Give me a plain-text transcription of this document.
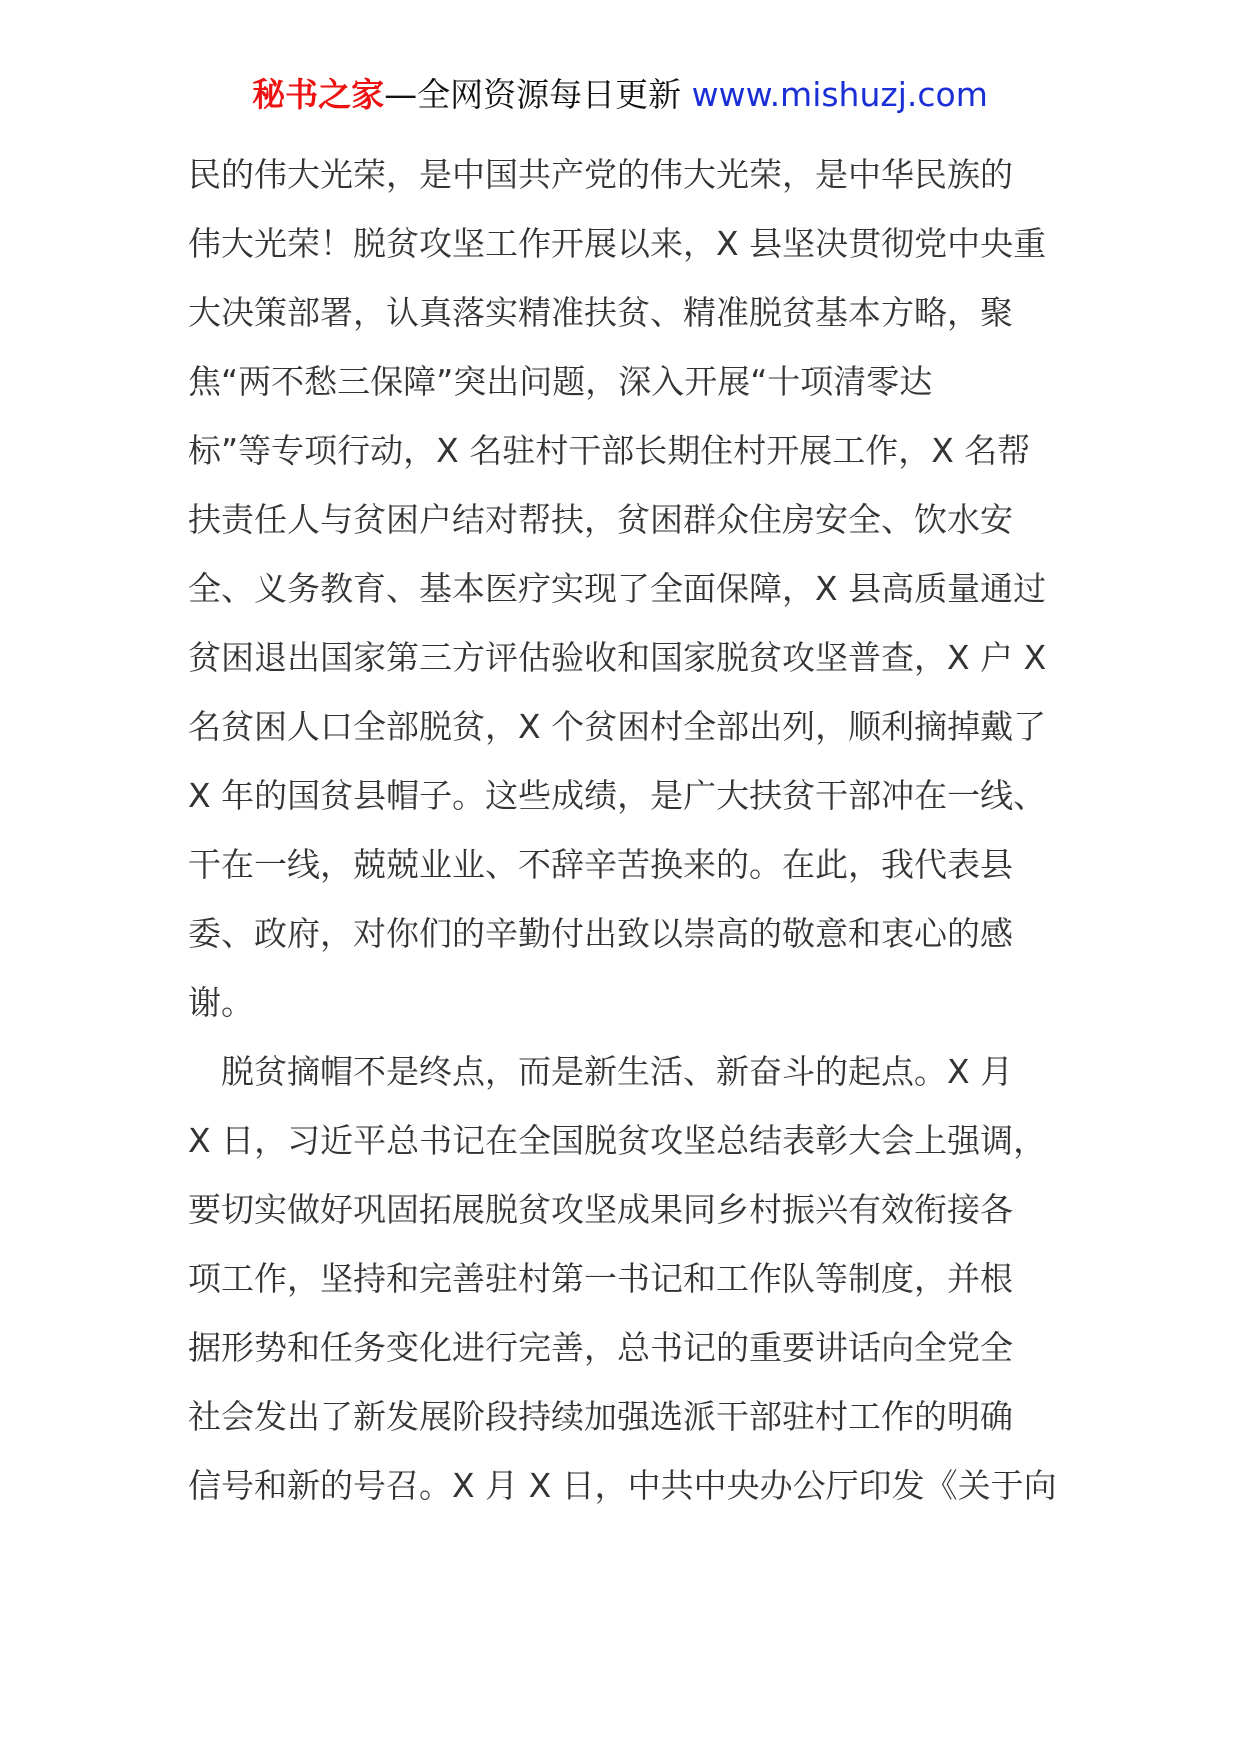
秘书之家—全网资源每日更新 www.mishuzj.com

民的伟大光荣，是中国共产党的伟大光荣，是中华民族的
伟大光荣！脱贫攻坚工作开展以来，X 县坚决贯彻党中央重
大决策部署，认真落实精准扶贫、精准脱贫基本方略，聚
焦“两不愁三保障”突出问题，深入开展“十项清零达
标”等专项行动，X 名驻村干部长期住村开展工作，X 名帮
扶责任人与贫困户结对帮扶，贫困群众住房安全、饮水安
全、义务教育、基本医疗实现了全面保障，X 县高质量通过
贫困退出国家第三方评估验收和国家脱贫攻坚普查，X 户 X
名贫困人口全部脱贫，X 个贫困村全部出列，顺利摘掉戴了
X 年的国贫县帽子。这些成绩，是广大扶贫干部冲在一线、
干在一线，兢兢业业、不辞辛苦换来的。在此，我代表县
委、政府，对你们的辛勤付出致以崇高的敬意和衷心的感
谢。

　脱贫摘帽不是终点，而是新生活、新奋斗的起点。X 月
X 日，习近平总书记在全国脱贫攻坚总结表彰大会上强调，
要切实做好巩固拓展脱贫攻坚成果同乡村振兴有效衔接各
项工作，坚持和完善驻村第一书记和工作队等制度，并根
据形势和任务变化进行完善，总书记的重要讲话向全党全
社会发出了新发展阶段持续加强选派干部驻村工作的明确
信号和新的号召。X 月 X 日，中共中央办公厅印发《关于向
